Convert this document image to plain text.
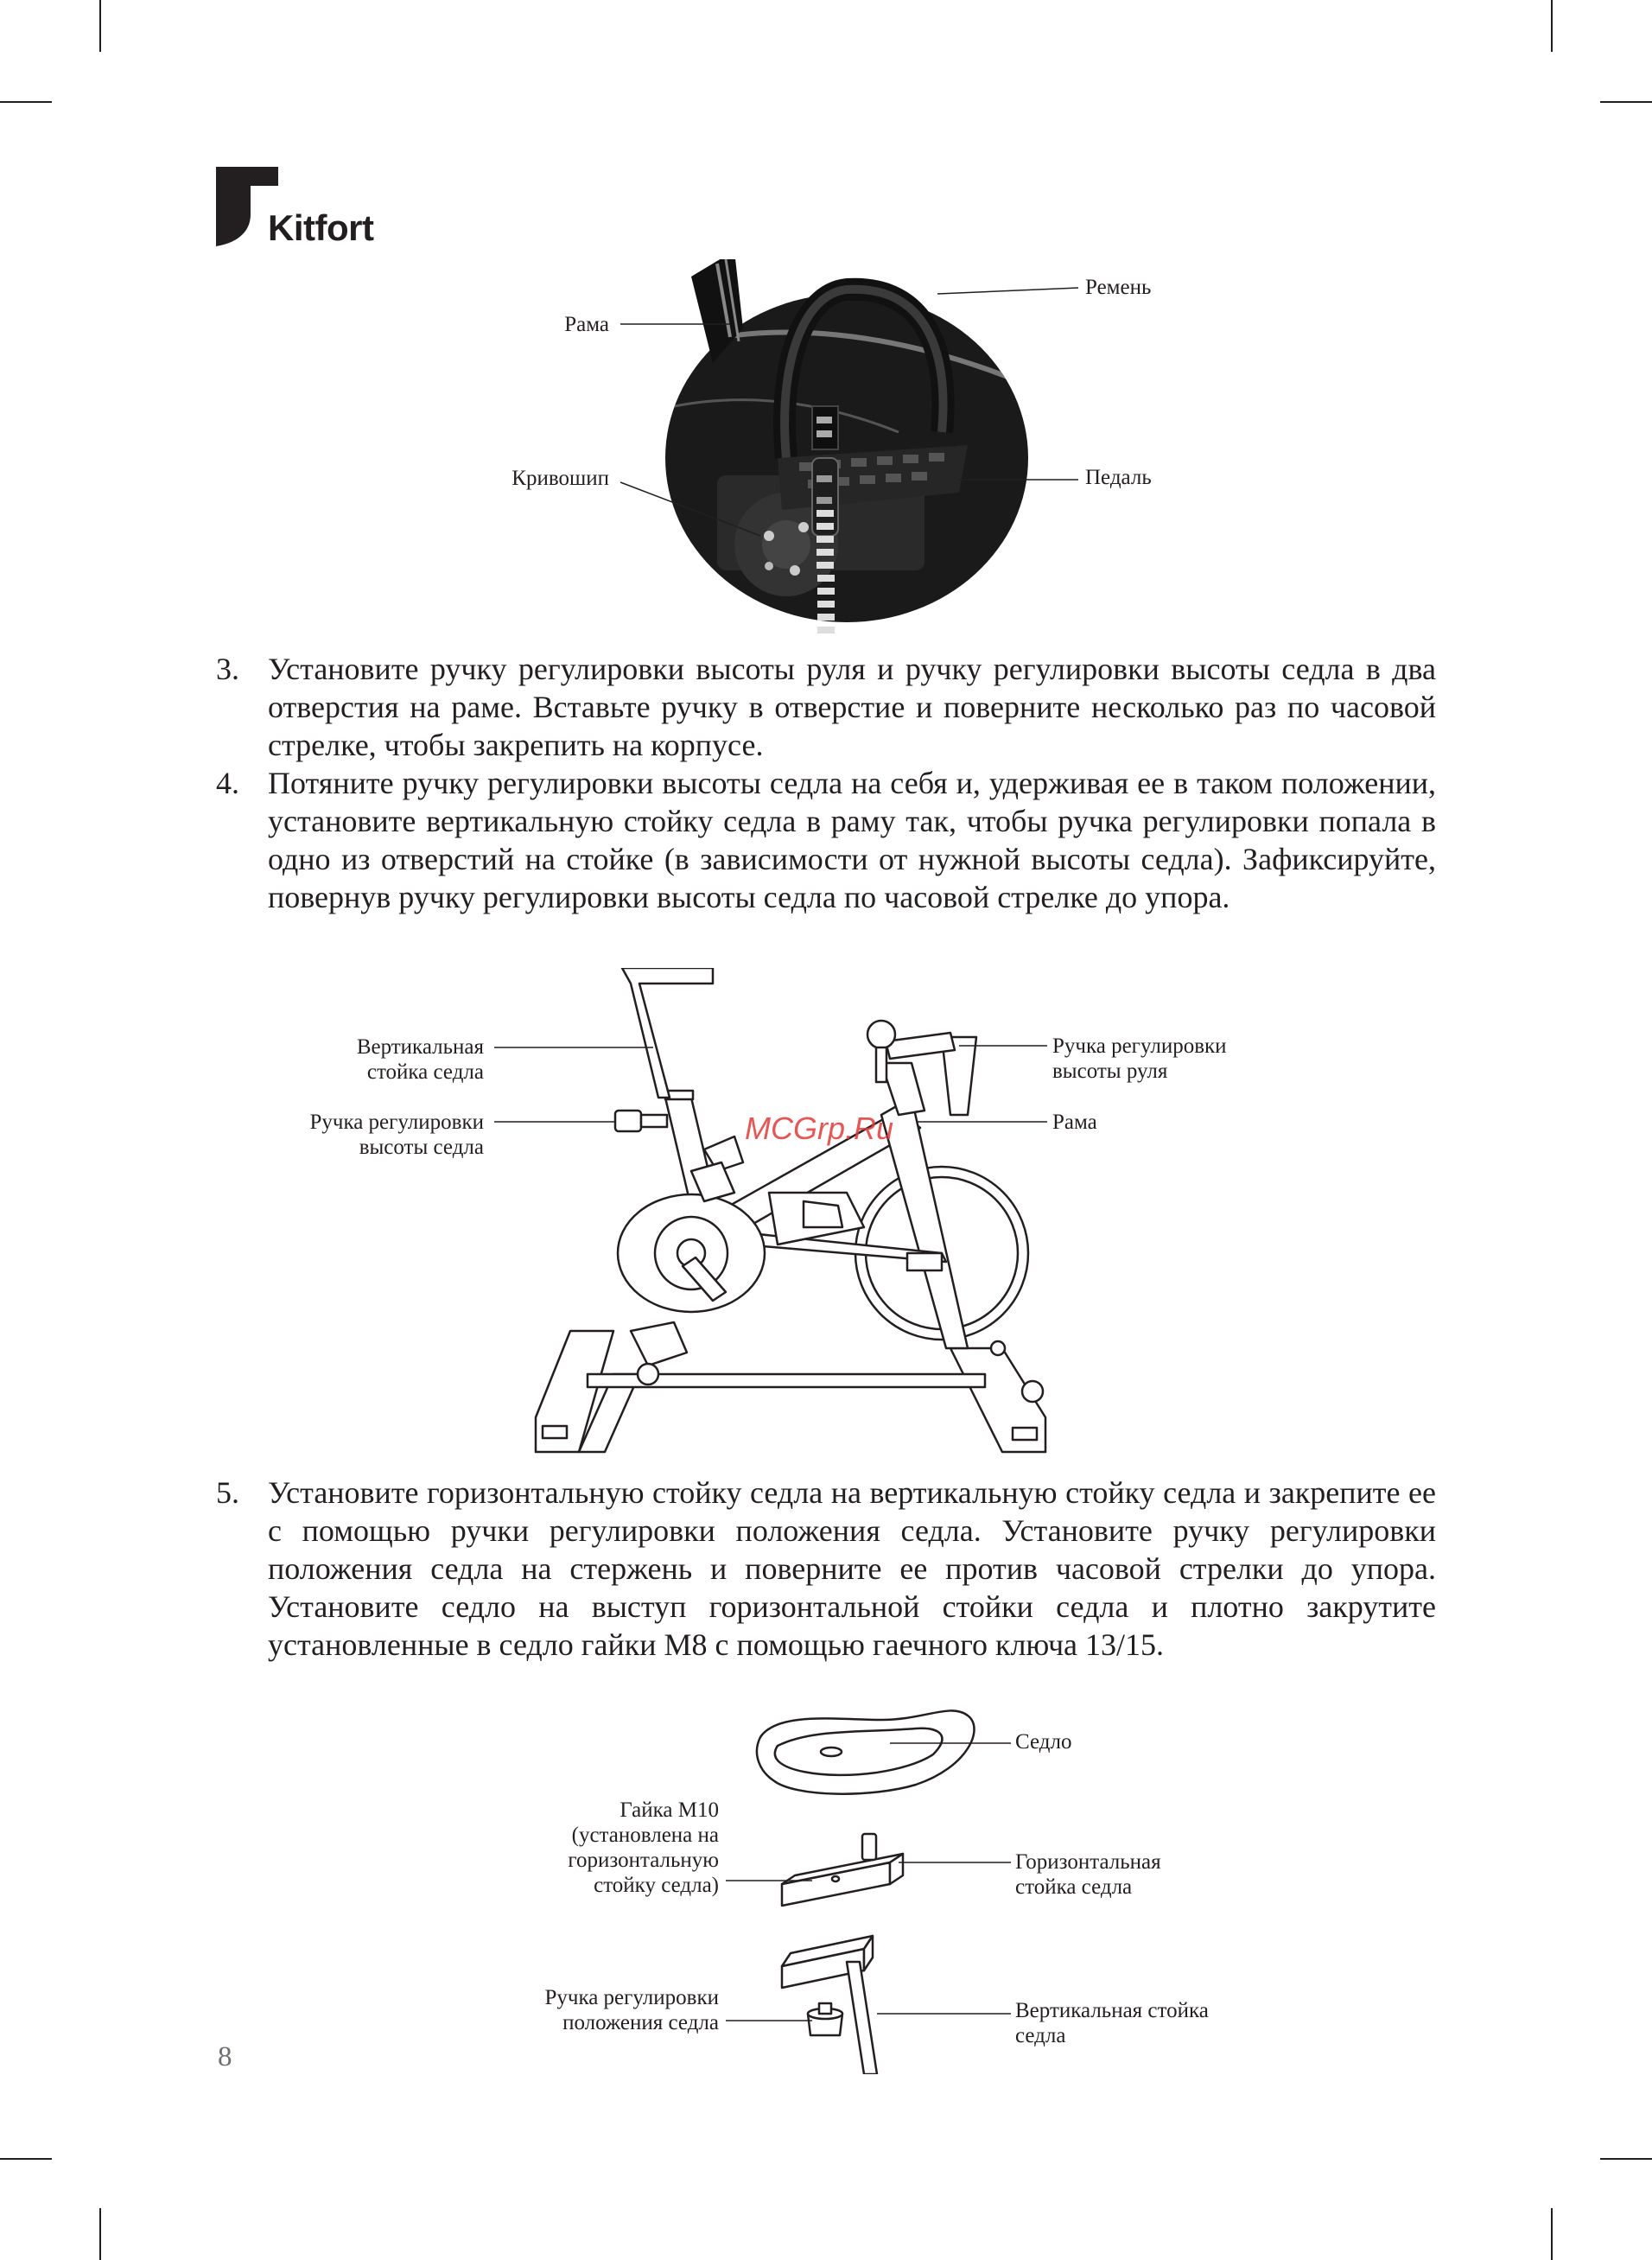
Kitfort
Рама
Ремень
Кривошип	Педаль

3. Установите ручку регулировки высоты руля и ручку регулировки высоты седла в два отверстия на раме. Вставьте ручку в отверстие и поверните несколько раз по часовой стрелке, чтобы закрепить на корпусе.

4. Потяните ручку регулировки высоты седла на себя и, удерживая ее в таком положении, установите вертикальную стойку седла в раму так, чтобы ручка регулировки попала в одно из отверстий на стойке (в зависимости от нужной высоты седла). Зафиксируйте, повернув ручку регулировки высоты седла по часовой стрелке до упора.

Вертикальная стойка седла
Ручка регулировки высоты седла
Ручка регулировки высоты руля
Рама
MCGrp.Ru

5. Установите горизонтальную стойку седла на вертикальную стойку седла и закрепите ее с помощью ручки регулировки положения седла. Установите ручку регулировки положения седла на стержень и поверните ее против часовой стрелки до упора. Установите седло на выступ горизонтальной стойки седла и плотно закрутите установленные в седло гайки М8 с помощью гаечного ключа 13/15.

Седло
Гайка М10 (установлена на горизонтальную стойку седла)
Горизонтальная стойка седла
Ручка регулировки положения седла
Вертикальная стойка седла
8
